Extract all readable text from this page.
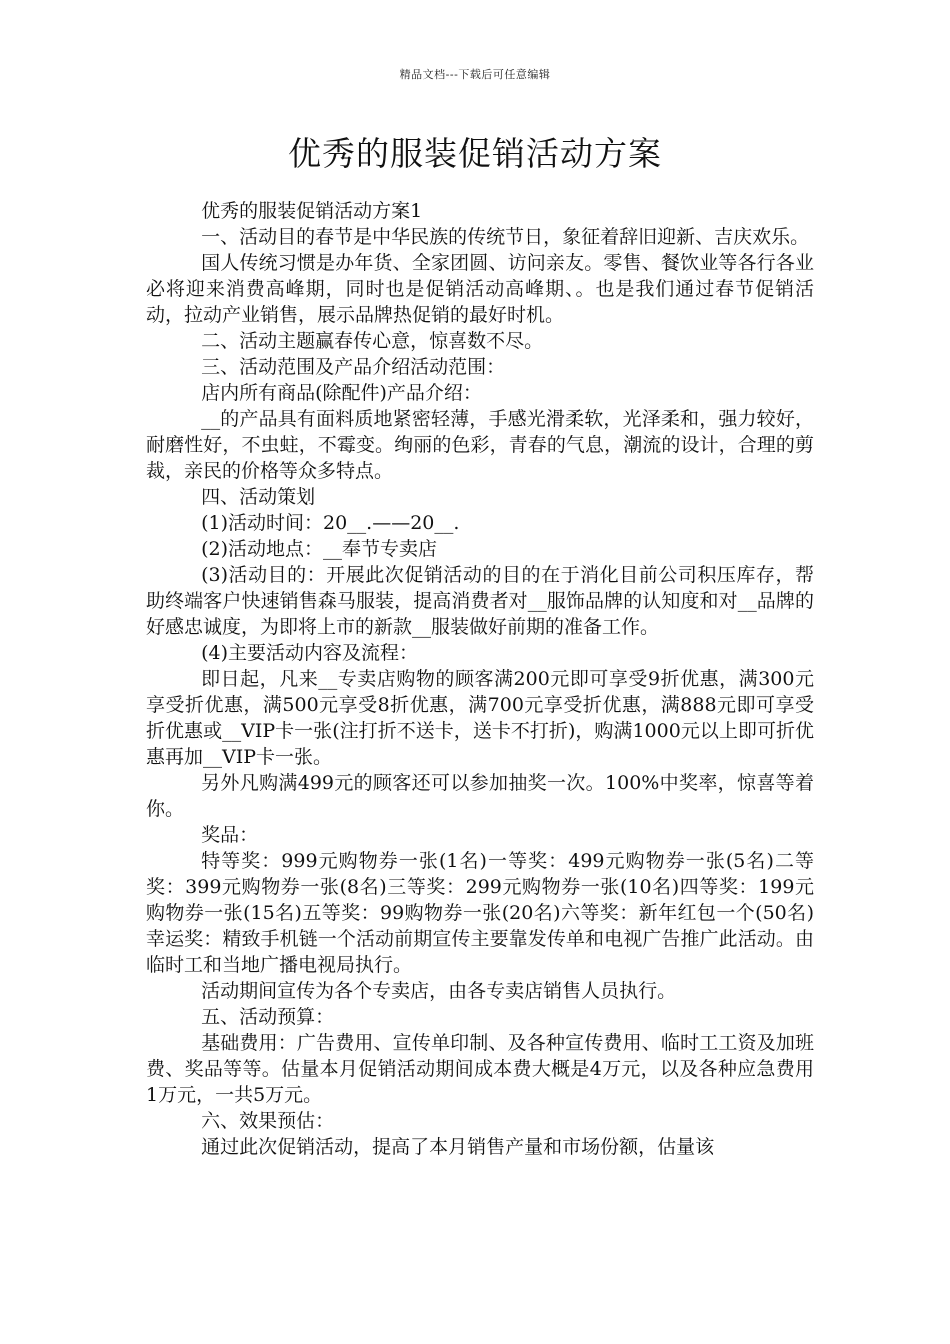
精品文档---下载后可任意编辑
优秀的服装促销活动方案

优秀的服装促销活动方案1

一、活动目的春节是中华民族的传统节日，象征着辞旧迎新、吉庆欢乐。

国人传统习惯是办年货、全家团圆、访问亲友。零售、餐饮业等各行各业必将迎来消费高峰期，同时也是促销活动高峰期、。也是我们通过春节促销活动，拉动产业销售，展示品牌热促销的最好时机。

二、活动主题赢春传心意，惊喜数不尽。

三、活动范围及产品介绍活动范围：

店内所有商品(除配件)产品介绍：

__的产品具有面料质地紧密轻薄，手感光滑柔软，光泽柔和，强力较好，耐磨性好，不虫蛀，不霉变。绚丽的色彩，青春的气息，潮流的设计，合理的剪裁，亲民的价格等众多特点。

四、活动策划

(1)活动时间：20__.——20__.

(2)活动地点：__奉节专卖店

(3)活动目的：开展此次促销活动的目的在于消化目前公司积压库存，帮助终端客户快速销售森马服装，提高消费者对__服饰品牌的认知度和对__品牌的好感忠诚度，为即将上市的新款__服装做好前期的准备工作。

(4)主要活动内容及流程：

即日起，凡来__专卖店购物的顾客满200元即可享受9折优惠，满300元享受折优惠，满500元享受8折优惠，满700元享受折优惠，满888元即可享受折优惠或__VIP卡一张(注打折不送卡，送卡不打折)，购满1000元以上即可折优惠再加__VIP卡一张。

另外凡购满499元的顾客还可以参加抽奖一次。100%中奖率，惊喜等着你。

奖品：

特等奖：999元购物券一张(1名)一等奖：499元购物券一张(5名)二等奖：399元购物券一张(8名)三等奖：299元购物券一张(10名)四等奖：199元购物券一张(15名)五等奖：99购物券一张(20名)六等奖：新年红包一个(50名)幸运奖：精致手机链一个活动前期宣传主要靠发传单和电视广告推广此活动。由临时工和当地广播电视局执行。

活动期间宣传为各个专卖店，由各专卖店销售人员执行。

五、活动预算：

基础费用：广告费用、宣传单印制、及各种宣传费用、临时工工资及加班费、奖品等等。估量本月促销活动期间成本费大概是4万元，以及各种应急费用1万元，一共5万元。

六、效果预估：

通过此次促销活动，提高了本月销售产量和市场份额，估量该
